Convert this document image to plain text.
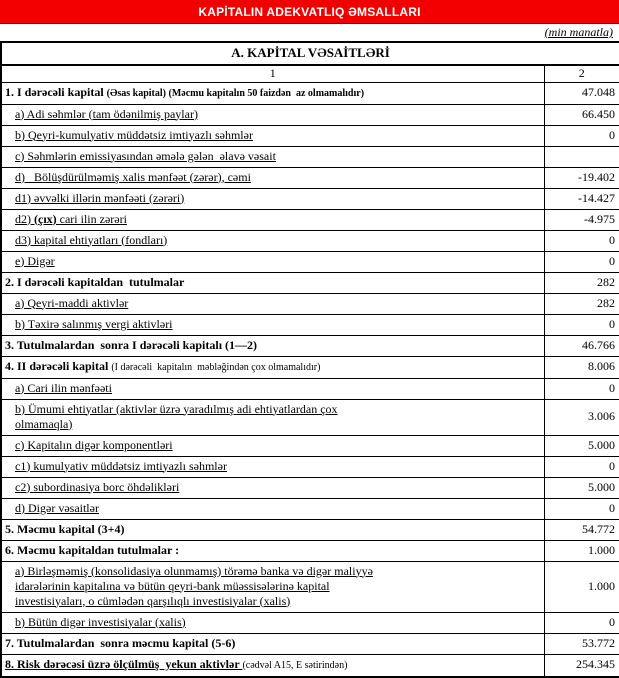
KAPİTALIN ADEKVATLIQ ƏMSALLARI
(min manatla)
A. KAPİTAL VƏSAİTLƏRİ	
1	2
1. I dərəcəli kapital (Əsas kapital) (Məcmu kapitalın 50 faizdən  az olmamalıdır)	47.048
a) Adi səhmlər (tam ödənilmiş paylar)	66.450
b) Qeyri-kumulyativ müddətsiz imtiyazlı səhmlər	0
c) Səhmlərin emissiyasından əmələ gələn  əlavə vəsait	
d)   Bölüşdürülməmiş xalis mənfəət (zərər), cəmi	-19.402
d1) əvvəlki illərin mənfəəti (zərəri)	-14.427
d2) (çıx) cari ilin zərəri	-4.975
d3) kapital ehtiyatları (fondları)	0
e) Digər	0
2. I dərəcəli kapitaldan  tutulmalar	282
a) Qeyri-maddi aktivlər	282
b) Təxirə salınmış vergi aktivləri	0
3. Tutulmalardan  sonra I dərəcəli kapitalı (1—2)	46.766
4. II dərəcəli kapital (I dərəcəli  kapitalın  məbləğindən çox olmamalıdır)	8.006
a) Cari ilin mənfəəti	0
b) Ümumi ehtiyatlar (aktivlər üzrə yaradılmış adi ehtiyatlardan çox
olmamaqla)	3.006
c) Kapitalın digər komponentləri	5.000
c1) kumulyativ müddətsiz imtiyazlı səhmlər	0
c2) subordinasiya borc öhdəlikləri	5.000
d) Digər vəsaitlər	0
5. Məcmu kapital (3+4)	54.772
6. Məcmu kapitaldan tutulmalar :	1.000
a) Birləşməmiş (konsolidasiya olunmamış) törəmə banka və digər maliyyə
idarələrinin kapitalına və bütün qeyri-bank müəssisələrinə kapital
investisiyaları, o cümlədən qarşılıqlı investisiyalar (xalis)	1.000
b) Bütün digər investisiyalar (xalis)	0
7. Tutulmalardan  sonra məcmu kapital (5-6)	53.772
8. Risk dərəcəsi üzrə ölçülmüş  yekun aktivlər (cədvəl A15, E sətirindən)	254.345
